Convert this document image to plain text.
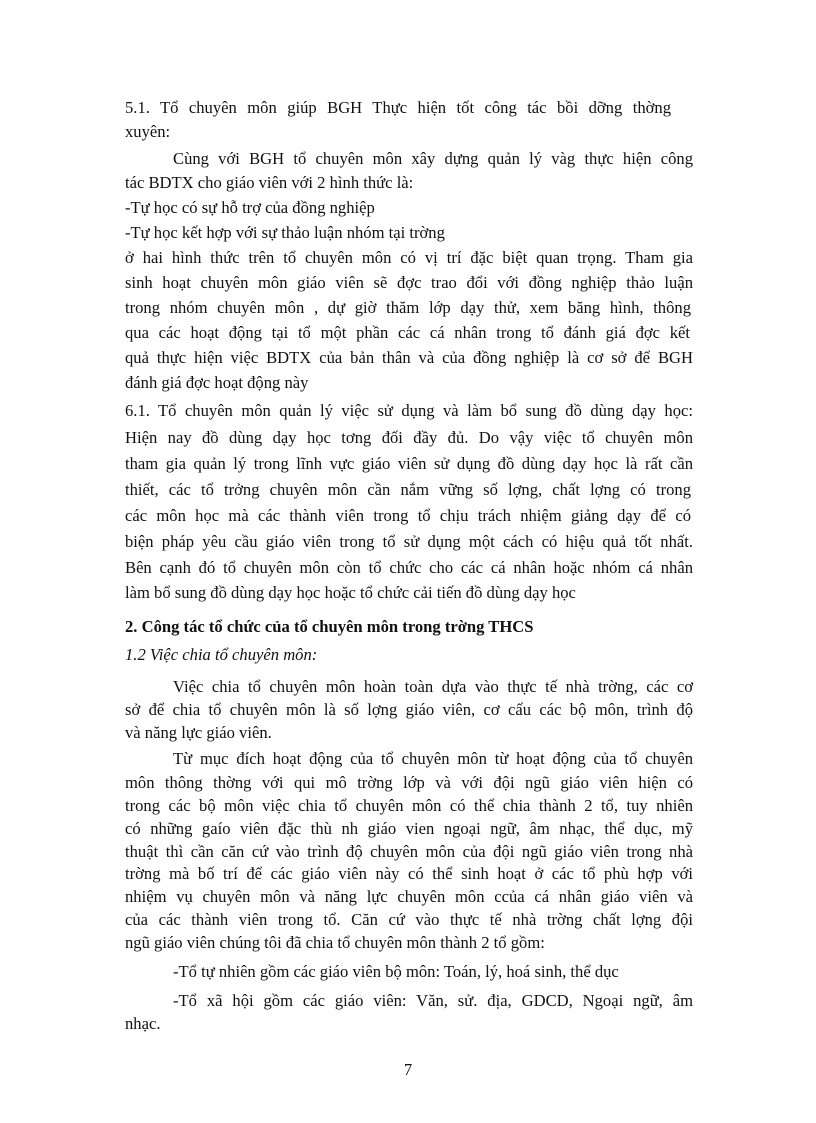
5.1. Tổ chuyên môn giúp BGH Thực hiện tốt công tác bồi dỡng thờng

xuyên:

Cùng với BGH tổ chuyên môn xây dựng quản lý vàg thực hiện công

tác BDTX cho giáo viên với 2 hình thức là:

-Tự học có sự hỗ trợ của đồng nghiệp

-Tự học kết hợp với sự thảo luận nhóm tại trờng

ở hai hình thức trên tổ chuyên môn có vị trí đặc biệt quan trọng. Tham gia

sinh hoạt chuyên môn giáo viên sẽ đợc trao đổi với đồng nghiệp thảo luận

trong nhóm chuyên môn , dự giờ thăm lớp dạy thử, xem băng hình, thông

qua các hoạt động tại tổ một phần các cá nhân trong tổ đánh giá đợc kết

quả thực hiện việc BDTX của bản thân và của đồng nghiệp là cơ sở để BGH

đánh giá đợc hoạt động này

6.1. Tổ chuyên môn quản lý việc sử dụng và làm bổ sung đồ dùng dạy học:

Hiện nay đồ dùng dạy học tơng đối đầy đủ. Do vậy việc tổ chuyên môn

tham gia quản lý trong lĩnh vực giáo viên sử dụng đồ dùng dạy học là rất cần

thiết, các tổ trởng chuyên môn cần nắm vững số lợng, chất lợng có trong

các môn học mà các thành viên trong tổ chịu trách nhiệm giảng dạy để có

biện pháp yêu cầu giáo viên trong tổ sử dụng một cách có hiệu quả tốt nhất.

Bên cạnh đó tổ chuyên môn còn tổ chức cho các cá nhân hoặc nhóm cá nhân

làm bổ sung đồ dùng dạy học hoặc tổ chức cải tiến đồ dùng dạy học

2. Công tác tổ chức của tổ chuyên môn trong trờng THCS

1.2 Việc chia tổ chuyên môn:

Việc chia tổ chuyên môn hoàn toàn dựa vào thực tế nhà trờng, các cơ

sở để chia tổ chuyên môn là số lợng giáo viên, cơ cấu các bộ môn, trình độ

và năng lực giáo viên.

Từ mục đích hoạt động của tổ chuyên môn từ hoạt động của tổ chuyên

môn thông thờng với qui mô trờng lớp và với đội ngũ giáo viên hiện có

trong các bộ môn việc chia tổ chuyên môn có thể chia thành 2 tổ, tuy nhiên

có những gaío viên đặc thù nh giáo vien ngoại ngữ, âm nhạc, thể dục, mỹ

thuật thì cần căn cứ vào trình độ chuyên môn của đội ngũ giáo viên trong nhà

trờng mà bố trí để các giáo viên này có thể sinh hoạt ở các tổ phù hợp với

nhiệm vụ chuyên môn và năng lực chuyên môn ccủa cá nhân giáo viên và

của các thành viên trong tổ. Căn cứ vào thực tế nhà trờng chất lợng đội

ngũ giáo viên chúng tôi đã chia tổ chuyên môn thành 2 tổ gồm:

-Tổ tự nhiên gồm các giáo viên bộ môn: Toán, lý, hoá sinh, thể dục

-Tổ xã hội gồm các giáo viên: Văn, sử. địa, GDCD, Ngoại ngữ, âm

nhạc.

7
